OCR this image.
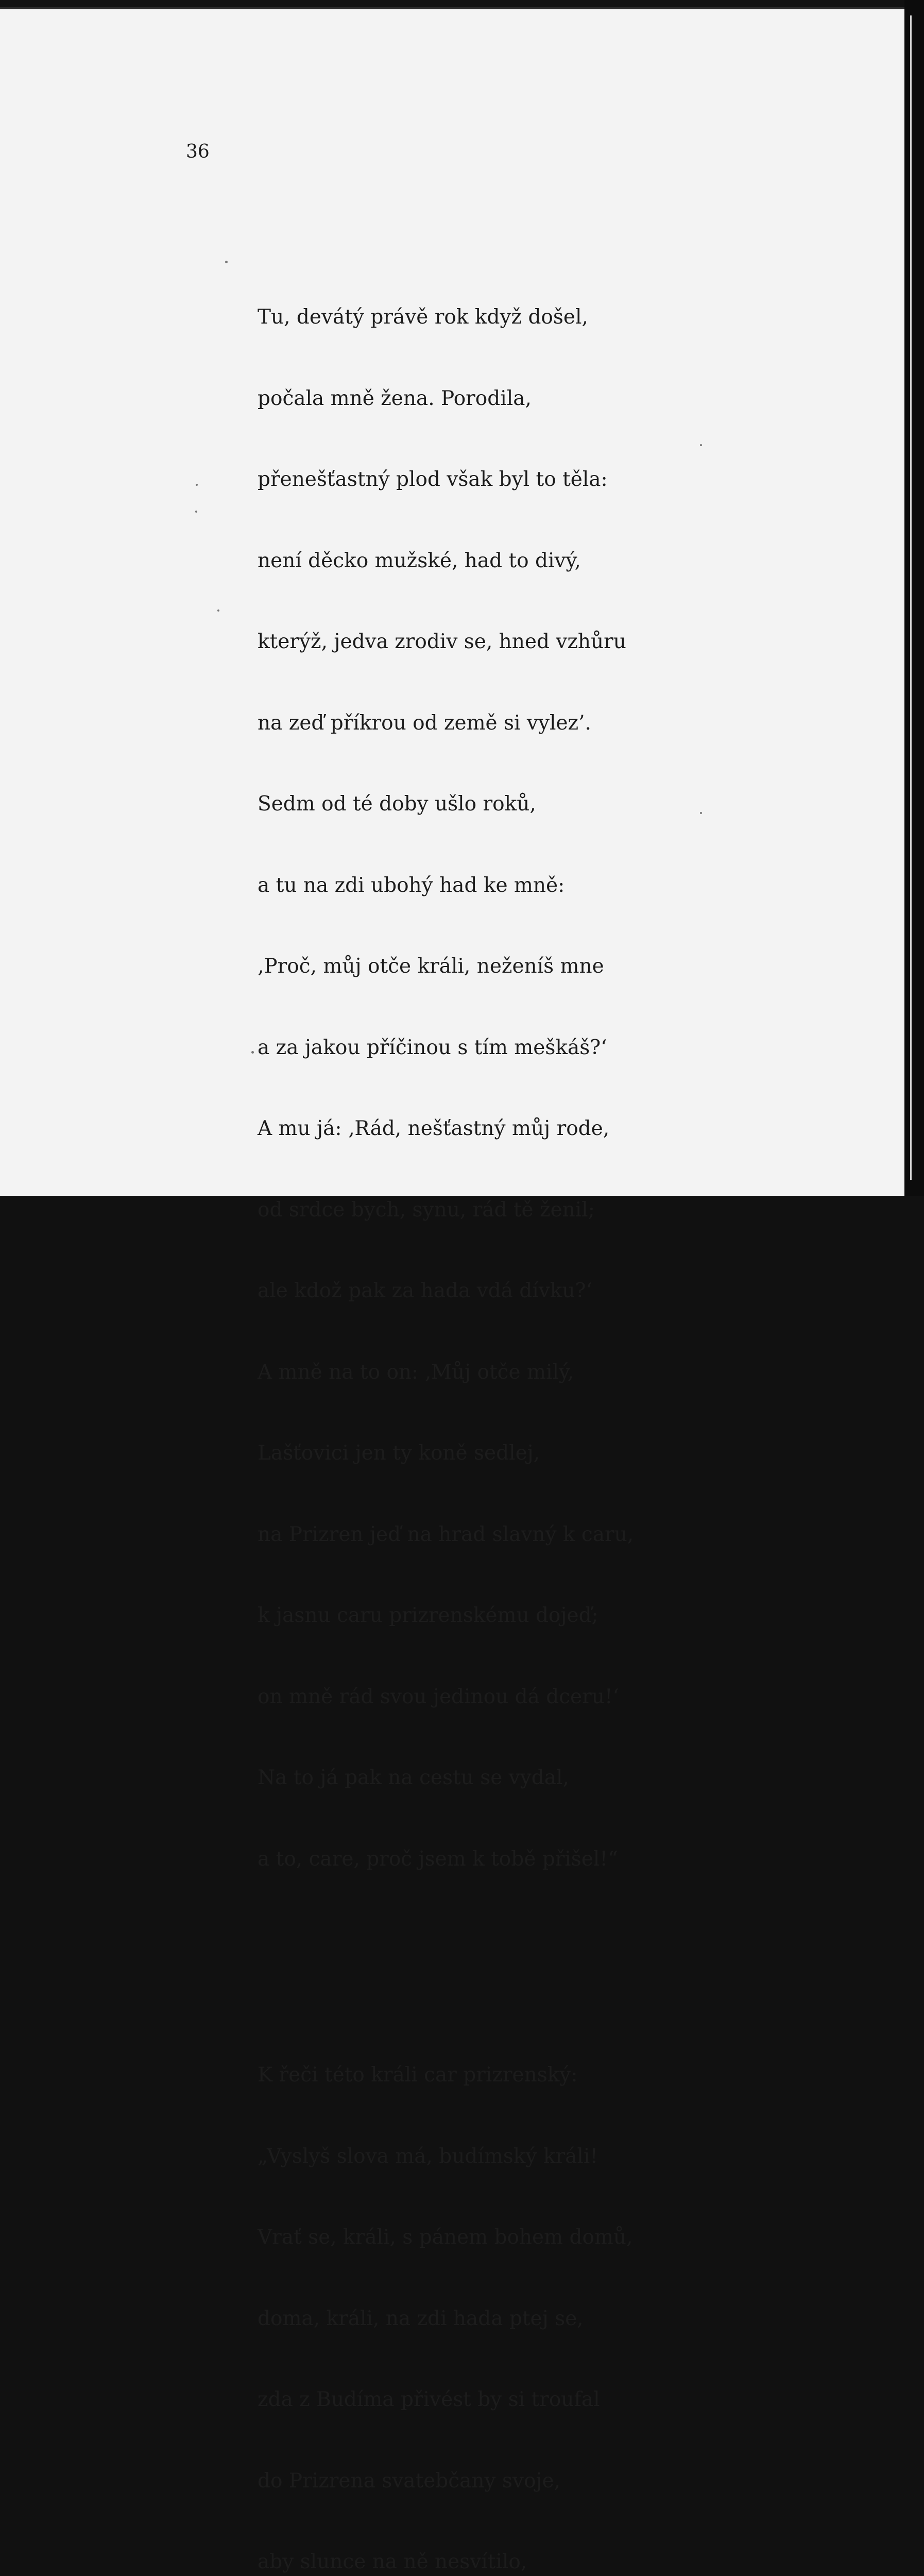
36

Tu, devátý právě rok když došel,

počala mně žena. Porodila,

přenešťastný plod však byl to těla:

není děcko mužské, had to divý,

kterýž, jedva zrodiv se, hned vzhůru

na zeď příkrou od země si vylez’.

Sedm od té doby ušlo roků,

a tu na zdi ubohý had ke mně:

‚Proč, můj otče králi, neženíš mne

a za jakou příčinou s tím meškáš?‘

A mu já: ‚Rád, nešťastný můj rode,

od srdce bych, synu, rád tě ženil;

ale kdož pak za hada vdá dívku?‘

A mně na to on: ‚Můj otče milý,

Lašťovici jen ty koně sedlej,

na Prizren jeď na hrad slavný k caru,

k jasnu caru prizrenskému dojeď;

on mně rád svou jedinou dá dceru!‘

Na to já pak na cestu se vydal,

a to, care, proč jsem k tobě přišel!“

K řeči této králi car prizrenský:

„Vyslyš slova má, budímský králi!

Vrať se, králi, s pánem bohem domů,

doma, králi, na zdi hada ptej se,

zda z Budíma přivést by si troufal

do Prizrena svatebčany svoje,

aby slunce na ně nesvítilo,
